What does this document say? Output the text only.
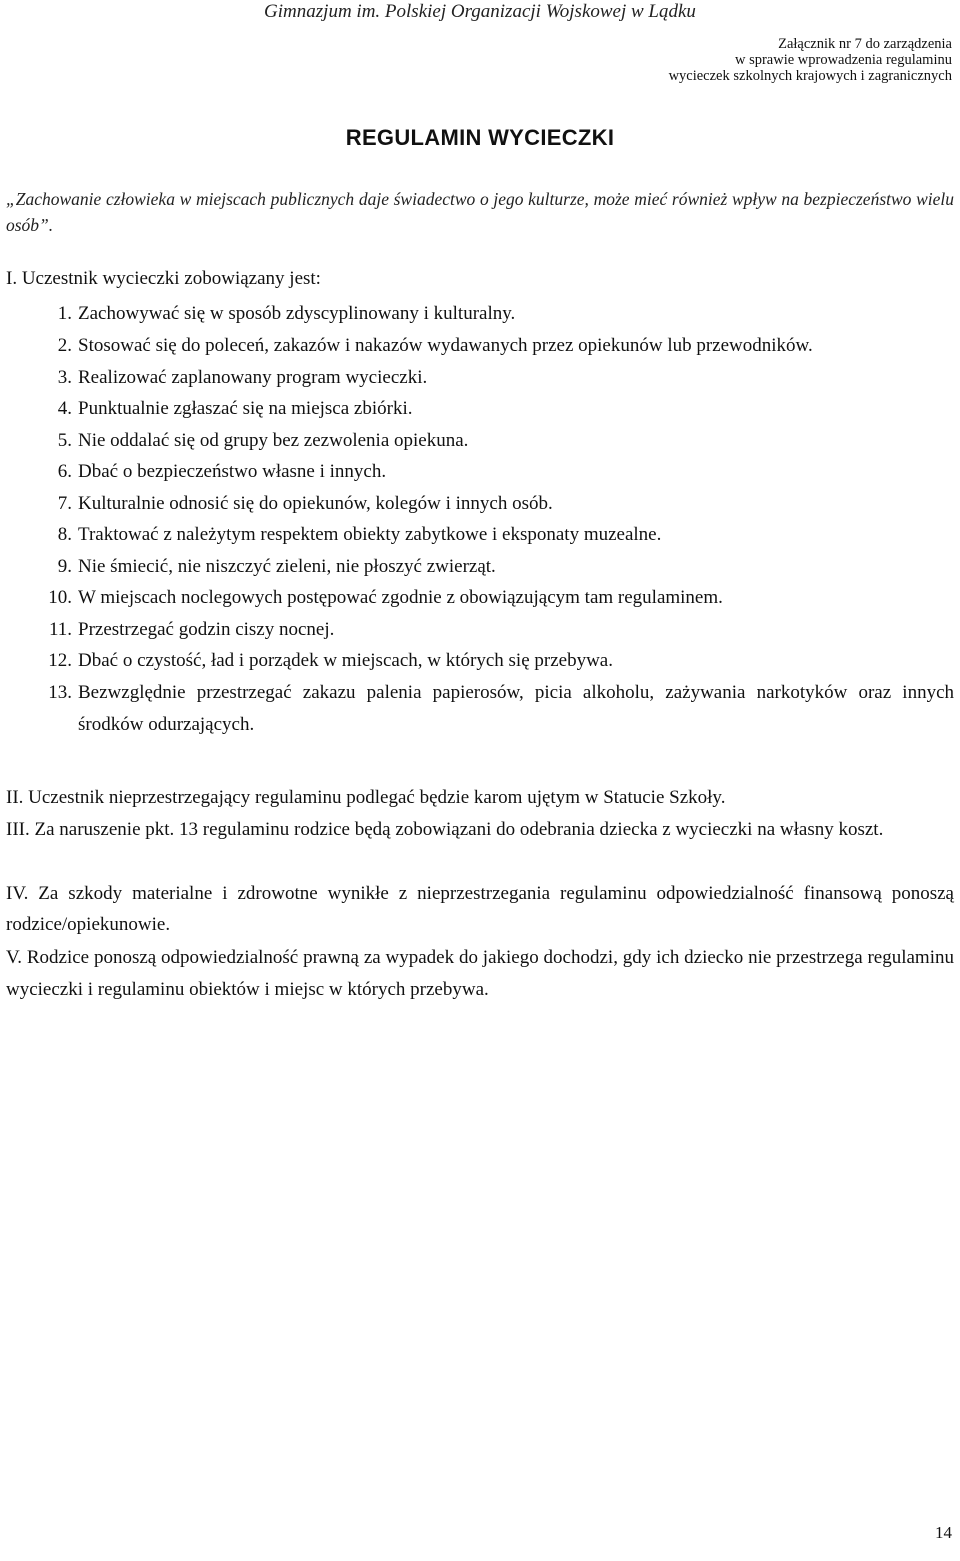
Gimnazjum im. Polskiej Organizacji Wojskowej w Lądku
Załącznik nr 7 do zarządzenia
w sprawie wprowadzenia regulaminu
wycieczek szkolnych krajowych i zagranicznych
REGULAMIN WYCIECZKI
„Zachowanie człowieka w miejscach publicznych daje świadectwo o jego kulturze, może mieć również wpływ na bezpieczeństwo wielu osób”.
I. Uczestnik wycieczki zobowiązany jest:
1. Zachowywać się w sposób zdyscyplinowany i kulturalny.
2. Stosować się do poleceń, zakazów i nakazów wydawanych przez opiekunów lub przewodników.
3. Realizować zaplanowany program wycieczki.
4. Punktualnie zgłaszać się na miejsca zbiórki.
5. Nie oddalać się od grupy bez zezwolenia opiekuna.
6. Dbać o bezpieczeństwo własne i innych.
7. Kulturalnie odnosić się do opiekunów, kolegów i innych osób.
8. Traktować z należytym respektem obiekty zabytkowe i eksponaty muzealne.
9. Nie śmiecić, nie niszczyć zieleni, nie płoszyć zwierząt.
10. W miejscach noclegowych postępować zgodnie z obowiązującym tam regulaminem.
11. Przestrzegać godzin ciszy nocnej.
12. Dbać o czystość, ład i porządek w miejscach, w których się przebywa.
13. Bezwzględnie przestrzegać zakazu palenia papierosów, picia alkoholu, zażywania narkotyków oraz innych środków odurzających.
II. Uczestnik nieprzestrzegający regulaminu podlegać będzie karom ujętym w Statucie Szkoły.
III. Za naruszenie pkt. 13 regulaminu rodzice będą zobowiązani do odebrania dziecka z wycieczki na własny koszt.
IV. Za szkody materialne i zdrowotne wynikłe z nieprzestrzegania regulaminu odpowiedzialność finansową ponoszą rodzice/opiekunowie.
V. Rodzice ponoszą odpowiedzialność prawną za wypadek do jakiego dochodzi, gdy ich dziecko nie przestrzega regulaminu wycieczki i regulaminu obiektów i miejsc w których przebywa.
14
